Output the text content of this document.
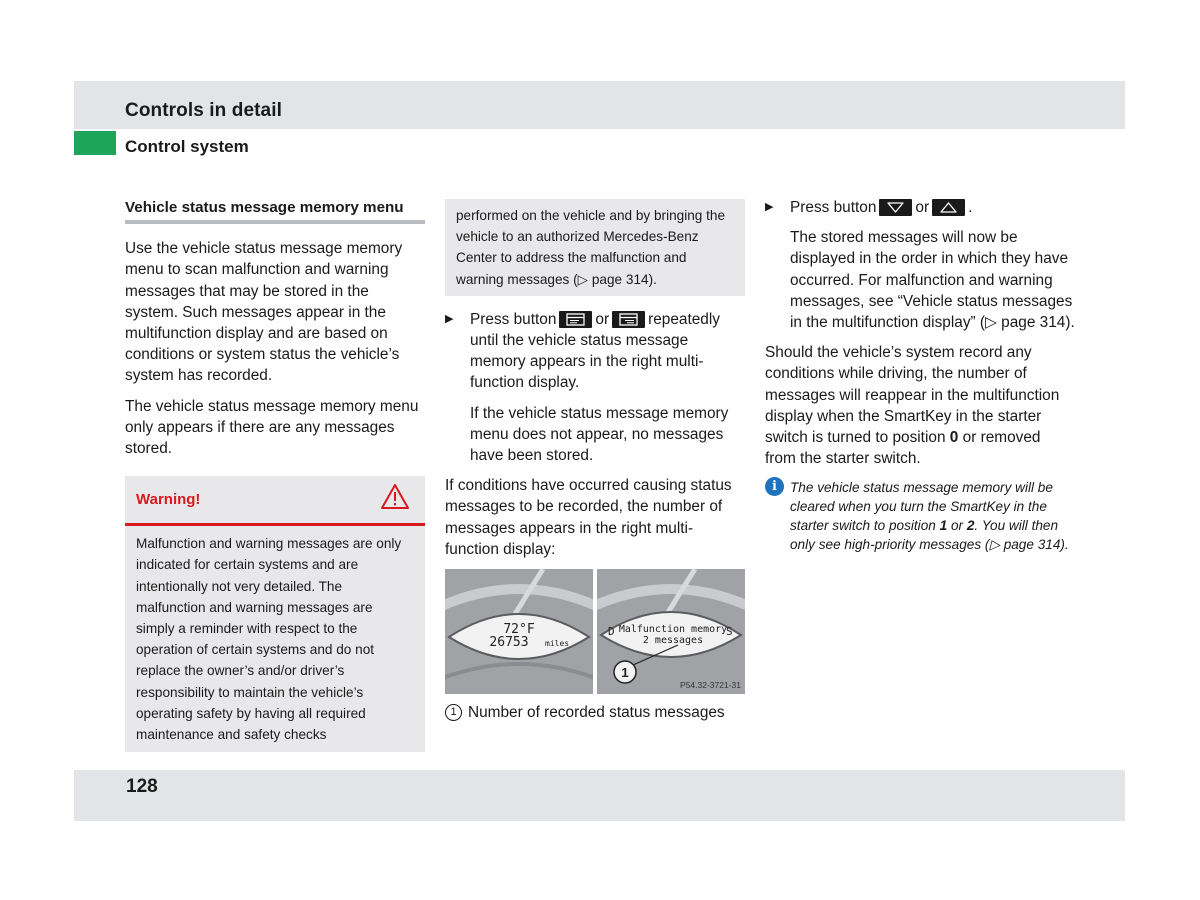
Controls in detail
Control system
Vehicle status message memory menu

Use the vehicle status message memory menu to scan malfunction and warning messages that may be stored in the system. Such messages appear in the multifunction display and are based on conditions or system status the vehicle’s system has recorded.

The vehicle status message memory menu only appears if there are any messages stored.

Warning!
Malfunction and warning messages are only indicated for certain systems and are intentionally not very detailed. The malfunction and warning messages are simply a reminder with respect to the operation of certain systems and do not replace the owner’s and/or driver’s responsibility to maintain the vehicle’s operating safety by having all required maintenance and safety checks
performed on the vehicle and by bringing the vehicle to an authorized Mercedes-Benz Center to address the malfunction and warning messages (▷ page 314).
▶	Press button	or	repeatedly until the vehicle status message memory appears in the right multi-function display.

If the vehicle status message memory menu does not appear, no messages have been stored.

If conditions have occurred causing status messages to be recorded, the number of messages appears in the right multi-function display:

72°F
26753 miles
D Malfunction memory
S
2 messages
1
P54.32-3721-31
1 Number of recorded status messages
▶	Press button	or	.

The stored messages will now be displayed in the order in which they have occurred. For malfunction and warning messages, see “Vehicle status messages in the multifunction display” (▷ page 314).

Should the vehicle’s system record any conditions while driving, the number of messages will reappear in the multifunction display when the SmartKey in the starter switch is turned to position 0 or removed from the starter switch.

i The vehicle status message memory will be cleared when you turn the SmartKey in the starter switch to position 1 or 2. You will then only see high-priority messages (▷ page 314).
128
